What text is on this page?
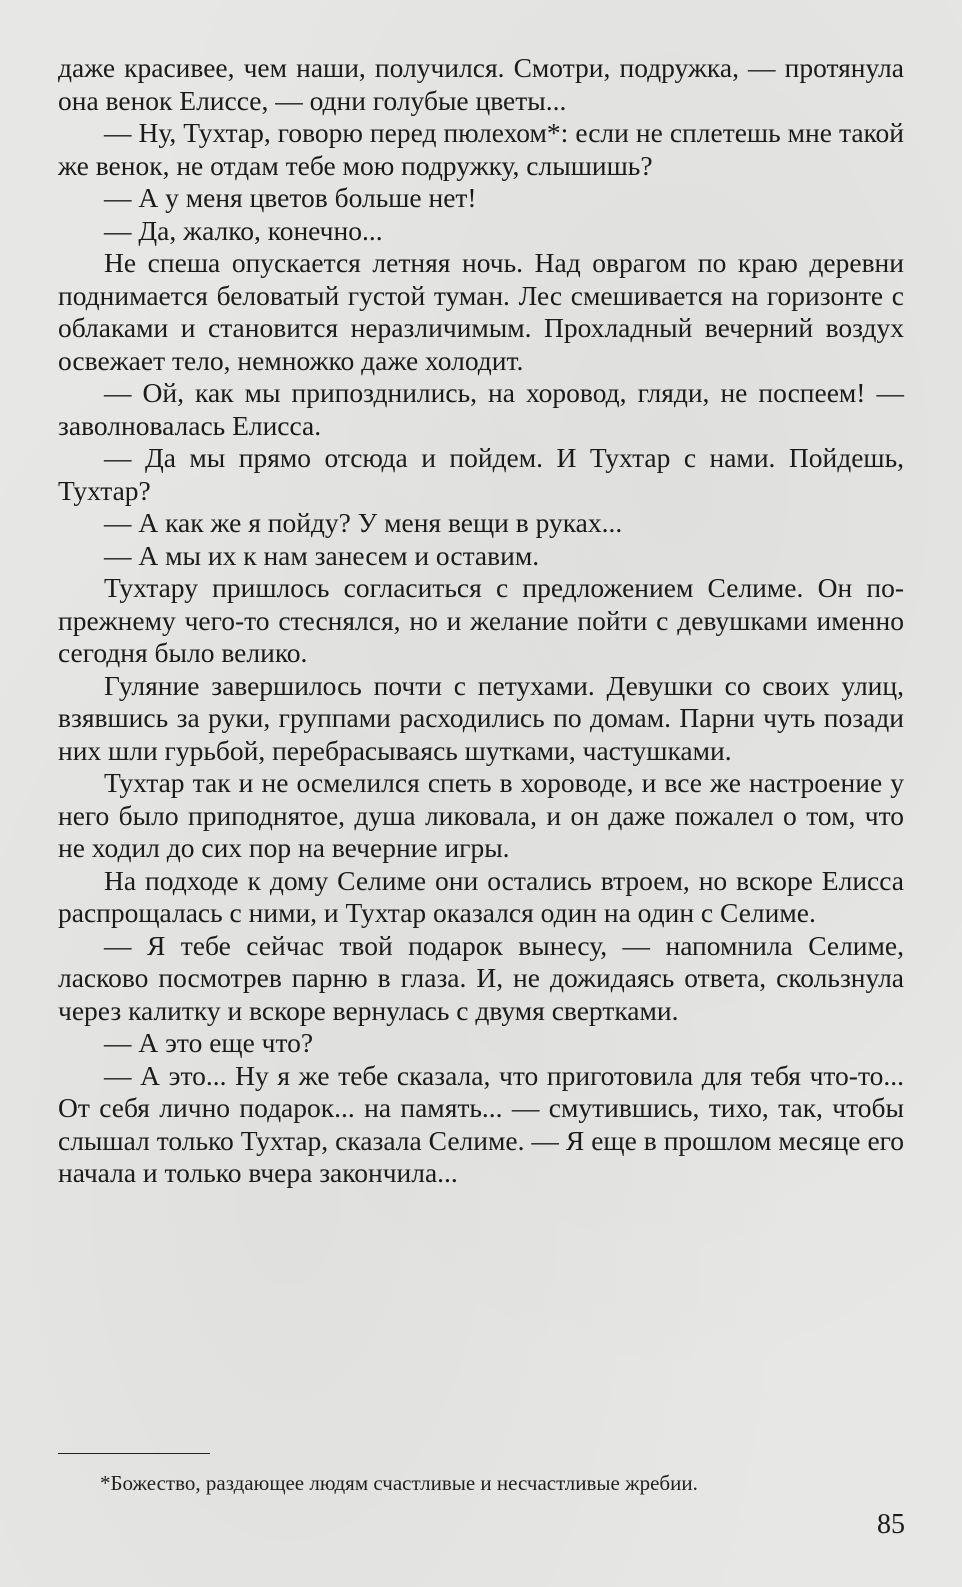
даже красивее, чем наши, получился. Смотри, подружка, — протянула она венок Елиссе, — одни голубые цветы...

— Ну, Тухтар, говорю перед пюлехом*: если не сплетешь мне такой же венок, не отдам тебе мою подружку, слышишь?

— А у меня цветов больше нет!

— Да, жалко, конечно...

Не спеша опускается летняя ночь. Над оврагом по краю деревни поднимается беловатый густой туман. Лес смешивается на горизонте с облаками и становится неразличимым. Прохладный вечерний воздух освежает тело, немножко даже холодит.

— Ой, как мы припозднились, на хоровод, гляди, не поспеем! — заволновалась Елисса.

— Да мы прямо отсюда и пойдем. И Тухтар с нами. Пойдешь, Тухтар?

— А как же я пойду? У меня вещи в руках...

— А мы их к нам занесем и оставим.

Тухтару пришлось согласиться с предложением Селиме. Он по-прежнему чего-то стеснялся, но и желание пойти с девушками именно сегодня было велико.

Гуляние завершилось почти с петухами. Девушки со своих улиц, взявшись за руки, группами расходились по домам. Парни чуть позади них шли гурьбой, перебрасываясь шутками, частушками.

Тухтар так и не осмелился спеть в хороводе, и все же настроение у него было приподнятое, душа ликовала, и он даже пожалел о том, что не ходил до сих пор на вечерние игры.

На подходе к дому Селиме они остались втроем, но вскоре Елисса распрощалась с ними, и Тухтар оказался один на один с Селиме.

— Я тебе сейчас твой подарок вынесу, — напомнила Селиме, ласково посмотрев парню в глаза. И, не дожидаясь ответа, скользнула через калитку и вскоре вернулась с двумя свертками.

— А это еще что?

— А это... Ну я же тебе сказала, что приготовила для тебя что-то... От себя лично подарок... на память... — смутившись, тихо, так, чтобы слышал только Тухтар, сказала Селиме. — Я еще в прошлом месяце его начала и только вчера закончила...

*Божество, раздающее людям счастливые и несчастливые жребии.
85
